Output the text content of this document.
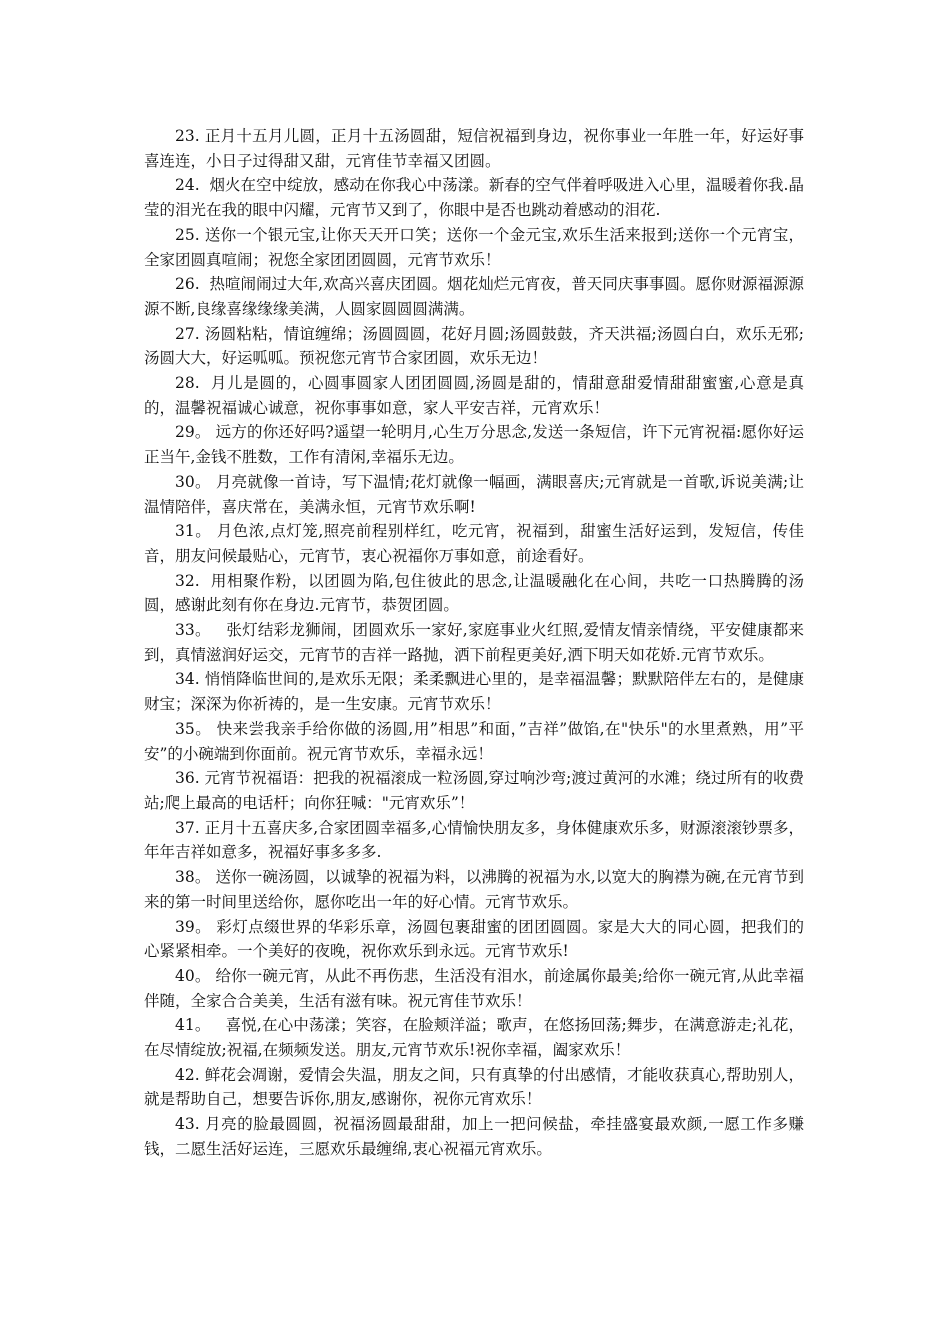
23. 正月十五月儿圆，正月十五汤圆甜，短信祝福到身边，祝你事业一年胜一年，好运好事喜连连，小日子过得甜又甜，元宵佳节幸福又团圆。

24.  烟火在空中绽放，感动在你我心中荡漾。新春的空气伴着呼吸进入心里，温暖着你我.晶莹的泪光在我的眼中闪耀，元宵节又到了，你眼中是否也跳动着感动的泪花.

25. 送你一个银元宝,让你天天开口笑；送你一个金元宝,欢乐生活来报到;送你一个元宵宝，全家团圆真喧闹；祝您全家团团圆圆，元宵节欢乐！

26.  热喧闹闹过大年,欢高兴喜庆团圆。烟花灿烂元宵夜，普天同庆事事圆。愿你财源福源源源不断,良缘喜缘缘缘美满，人圆家圆圆圆满满。

27. 汤圆粘粘，情谊缠绵；汤圆圆圆，花好月圆;汤圆鼓鼓，齐天洪福;汤圆白白，欢乐无邪;汤圆大大，好运呱呱。预祝您元宵节合家团圆，欢乐无边！

28.  月儿是圆的，心圆事圆家人团团圆圆,汤圆是甜的，情甜意甜爱情甜甜蜜蜜,心意是真的，温馨祝福诚心诚意，祝你事事如意，家人平安吉祥，元宵欢乐！

29。 远方的你还好吗?遥望一轮明月,心生万分思念,发送一条短信，许下元宵祝福:愿你好运正当午,金钱不胜数，工作有清闲,幸福乐无边。

30。 月亮就像一首诗，写下温情;花灯就像一幅画，满眼喜庆;元宵就是一首歌,诉说美满;让温情陪伴，喜庆常在，美满永恒，元宵节欢乐啊!

31。 月色浓,点灯笼,照亮前程别样红，吃元宵，祝福到，甜蜜生活好运到，发短信，传佳音，朋友问候最贴心，元宵节，衷心祝福你万事如意，前途看好。

32.  用相聚作粉，以团圆为陷,包住彼此的思念,让温暖融化在心间，共吃一口热腾腾的汤圆，感谢此刻有你在身边.元宵节，恭贺团圆。

33。   张灯结彩龙狮闹，团圆欢乐一家好,家庭事业火红照,爱情友情亲情绕，平安健康都来到，真情滋润好运交，元宵节的吉祥一路抛，洒下前程更美好,洒下明天如花娇.元宵节欢乐。

34. 悄悄降临世间的,是欢乐无限；柔柔飘进心里的，是幸福温馨；默默陪伴左右的，是健康财宝；深深为你祈祷的，是一生安康。元宵节欢乐！

35。 快来尝我亲手给你做的汤圆,用”相思”和面，”吉祥”做馅,在"快乐"的水里煮熟，用”平安”的小碗端到你面前。祝元宵节欢乐，幸福永远！

36. 元宵节祝福语：把我的祝福滚成一粒汤圆,穿过响沙弯;渡过黄河的水滩；绕过所有的收费站;爬上最高的电话杆；向你狂喊："元宵欢乐”！

37. 正月十五喜庆多,合家团圆幸福多,心情愉快朋友多，身体健康欢乐多，财源滚滚钞票多，年年吉祥如意多，祝福好事多多多.

38。 送你一碗汤圆，以诚挚的祝福为料，以沸腾的祝福为水,以宽大的胸襟为碗,在元宵节到来的第一时间里送给你，愿你吃出一年的好心情。元宵节欢乐。

39。 彩灯点缀世界的华彩乐章，汤圆包裹甜蜜的团团圆圆。家是大大的同心圆，把我们的心紧紧相牵。一个美好的夜晚，祝你欢乐到永远。元宵节欢乐!

40。 给你一碗元宵，从此不再伤悲，生活没有泪水，前途属你最美;给你一碗元宵,从此幸福伴随，全家合合美美，生活有滋有味。祝元宵佳节欢乐！

41。   喜悦,在心中荡漾；笑容，在脸颊洋溢；歌声，在悠扬回荡;舞步，在满意游走;礼花，在尽情绽放;祝福,在频频发送。朋友,元宵节欢乐!祝你幸福，阖家欢乐！

42. 鲜花会凋谢，爱情会失温，朋友之间，只有真挚的付出感情，才能收获真心,帮助别人，就是帮助自己，想要告诉你,朋友,感谢你，祝你元宵欢乐！

43. 月亮的脸最圆圆，祝福汤圆最甜甜，加上一把问候盐，牵挂盛宴最欢颜,一愿工作多赚钱，二愿生活好运连，三愿欢乐最缠绵,衷心祝福元宵欢乐。
